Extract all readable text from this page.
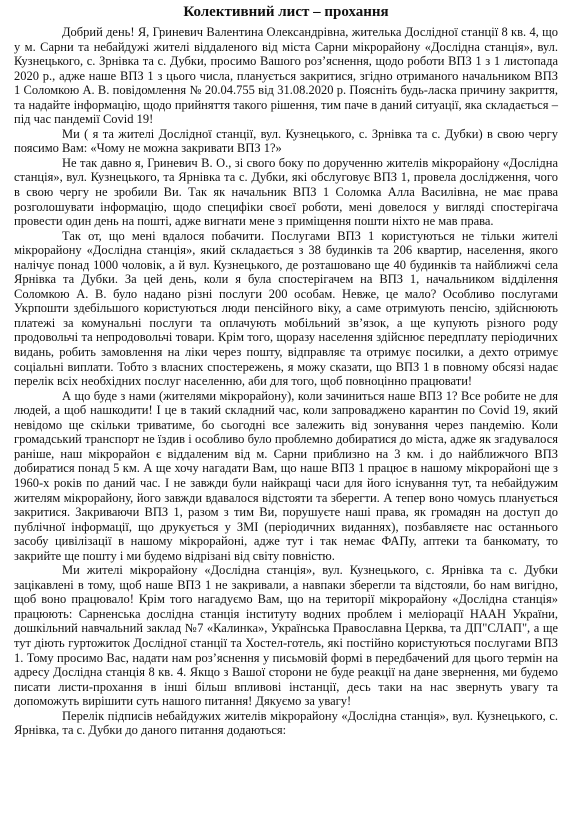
Колективний лист – прохання

Добрий день! Я, Гриневич Валентина Олександрівна, жителька Дослідної станції 8 кв. 4, що у м. Сарни та небайдужі жителі віддаленого від міста Сарни мікрорайону «Дослідна станція», вул. Кузнецького, с. Зрнівка та с. Дубки, просимо Вашого роз’яснення, щодо роботи ВПЗ 1 з 1 листопада 2020 р., адже наше ВПЗ 1 з цього числа, планується закритися, згідно отриманого начальником ВПЗ 1 Соломкою А. В. повідомлення № 20.04.755 від 31.08.2020 р. Поясніть будь-ласка причину закриття, та надайте інформацію, щодо прийняття такого рішення, тим паче в даний ситуації, яка складається – під час пандемії Covid 19!

Ми ( я та жителі Дослідної станції, вул. Кузнецького, с. Зрнівка та с. Дубки) в свою чергу поясимо Вам: «Чому не можна закривати ВПЗ 1?»

Не так давно я, Гриневич В. О., зі свого боку по дорученню жителів мікрорайону «Дослідна станція», вул. Кузнецького, та Ярнівка та с. Дубки, які обслуговує ВПЗ 1, провела дослідження, чого в свою чергу не зробили Ви. Так як начальник ВПЗ 1 Соломка Алла Василівна, не має права розголошувати інформацію, щодо специфіки своєї роботи, мені довелося у вигляді спостерігача провести один день на пошті, адже вигнати мене з приміщення пошти ніхто не мав права.

Так от, що мені вдалося побачити. Послугами ВПЗ 1 користуються не тільки жителі мікрорайону «Дослідна станція», який складається з 38 будинків та 206 квартир, населення, якого налічує понад 1000 чоловік, а й вул. Кузнецького, де розташовано ще 40 будинків та найближчі села Ярнівка та Дубки. За цей день, коли я була спостерігачем на ВПЗ 1, начальником відділення Соломкою А. В. було надано різні послуги 200 особам. Невже, це мало? Особливо послугами Укрпошти здебільшого користуються люди пенсійного віку, а саме отримують пенсію, здійснюють платежі за комунальні послуги та оплачують мобільний зв’язок, а ще купують різного роду продовольчі та непродовольчі товари. Крім того, щоразу населення здійснює передплату періодичних видань, робить замовлення на ліки через пошту, відправляє та отримує посилки, а дехто отримує соціальні виплати. Тобто з власних спостережень, я можу сказати, що ВПЗ 1 в повному обсязі надає перелік всіх необхідних послуг населенню, аби для того, щоб повноцінно працювати!

А що буде з нами (жителями мікрорайону), коли зачиниться наше ВПЗ 1? Все робите не для людей, а щоб нашкодити! І це в такий складний час, коли запроваджено карантин по Covid 19, який невідомо ще скільки триватиме, бо сьогодні все залежить від зонування через пандемію. Коли громадський транспорт не їздив і особливо було проблемно добиратися до міста, адже як згадувалося раніше, наш мікрорайон є віддаленим від м. Сарни приблизно на 3 км. і до найближчого ВПЗ добиратися понад 5 км. А ще хочу нагадати Вам, що наше ВПЗ 1 працює в нашому мікрорайоні ще з 1960-х років по даний час. І не завжди були найкращі часи для його існування тут, та небайдужим жителям мікрорайону, його завжди вдавалося відстояти та зберегти. А тепер воно чомусь планується закритися. Закриваючи ВПЗ 1, разом з тим Ви, порушуєте наші права, як громадян на доступ до публічної інформації, що друкується у ЗМІ (періодичних виданнях), позбавляєте нас останнього засобу цивілізації в нашому мікрорайоні, адже тут і так немає ФАПу, аптеки та банкомату, то закрийте ще пошту і ми будемо відрізані від світу повністю.

Ми жителі мікрорайону «Дослідна станція», вул. Кузнецького, с. Ярнівка та с. Дубки зацікавлені в тому, щоб наше ВПЗ 1 не закривали, а навпаки зберегли та відстояли, бо нам вигідно, щоб воно працювало! Крім того нагадуємо Вам, що на території мікрорайону «Дослідна станція» працюють: Сарненська дослідна станція інституту водних проблем і меліорації НААН України, дошкільний навчальний заклад №7 «Калинка», Українська Православна Церква, та ДП"СЛАП", а ще тут діють гуртожиток Дослідної станції та Хостел-готель, які постійно користуються послугами ВПЗ 1. Тому просимо Вас, надати нам роз’яснення у письмовій формі в передбачений для цього термін на адресу Дослідна станція 8 кв. 4. Якщо з Вашої сторони не буде реакції на дане звернення, ми будемо писати листи-прохання в інші більш впливові інстанції, десь таки на нас звернуть увагу та допоможуть вирішити суть нашого питання! Дякуємо за увагу!

Перелік підписів небайдужих жителів мікрорайону «Дослідна станція», вул. Кузнецького, с. Ярнівка, та с. Дубки до даного питання додаються:
